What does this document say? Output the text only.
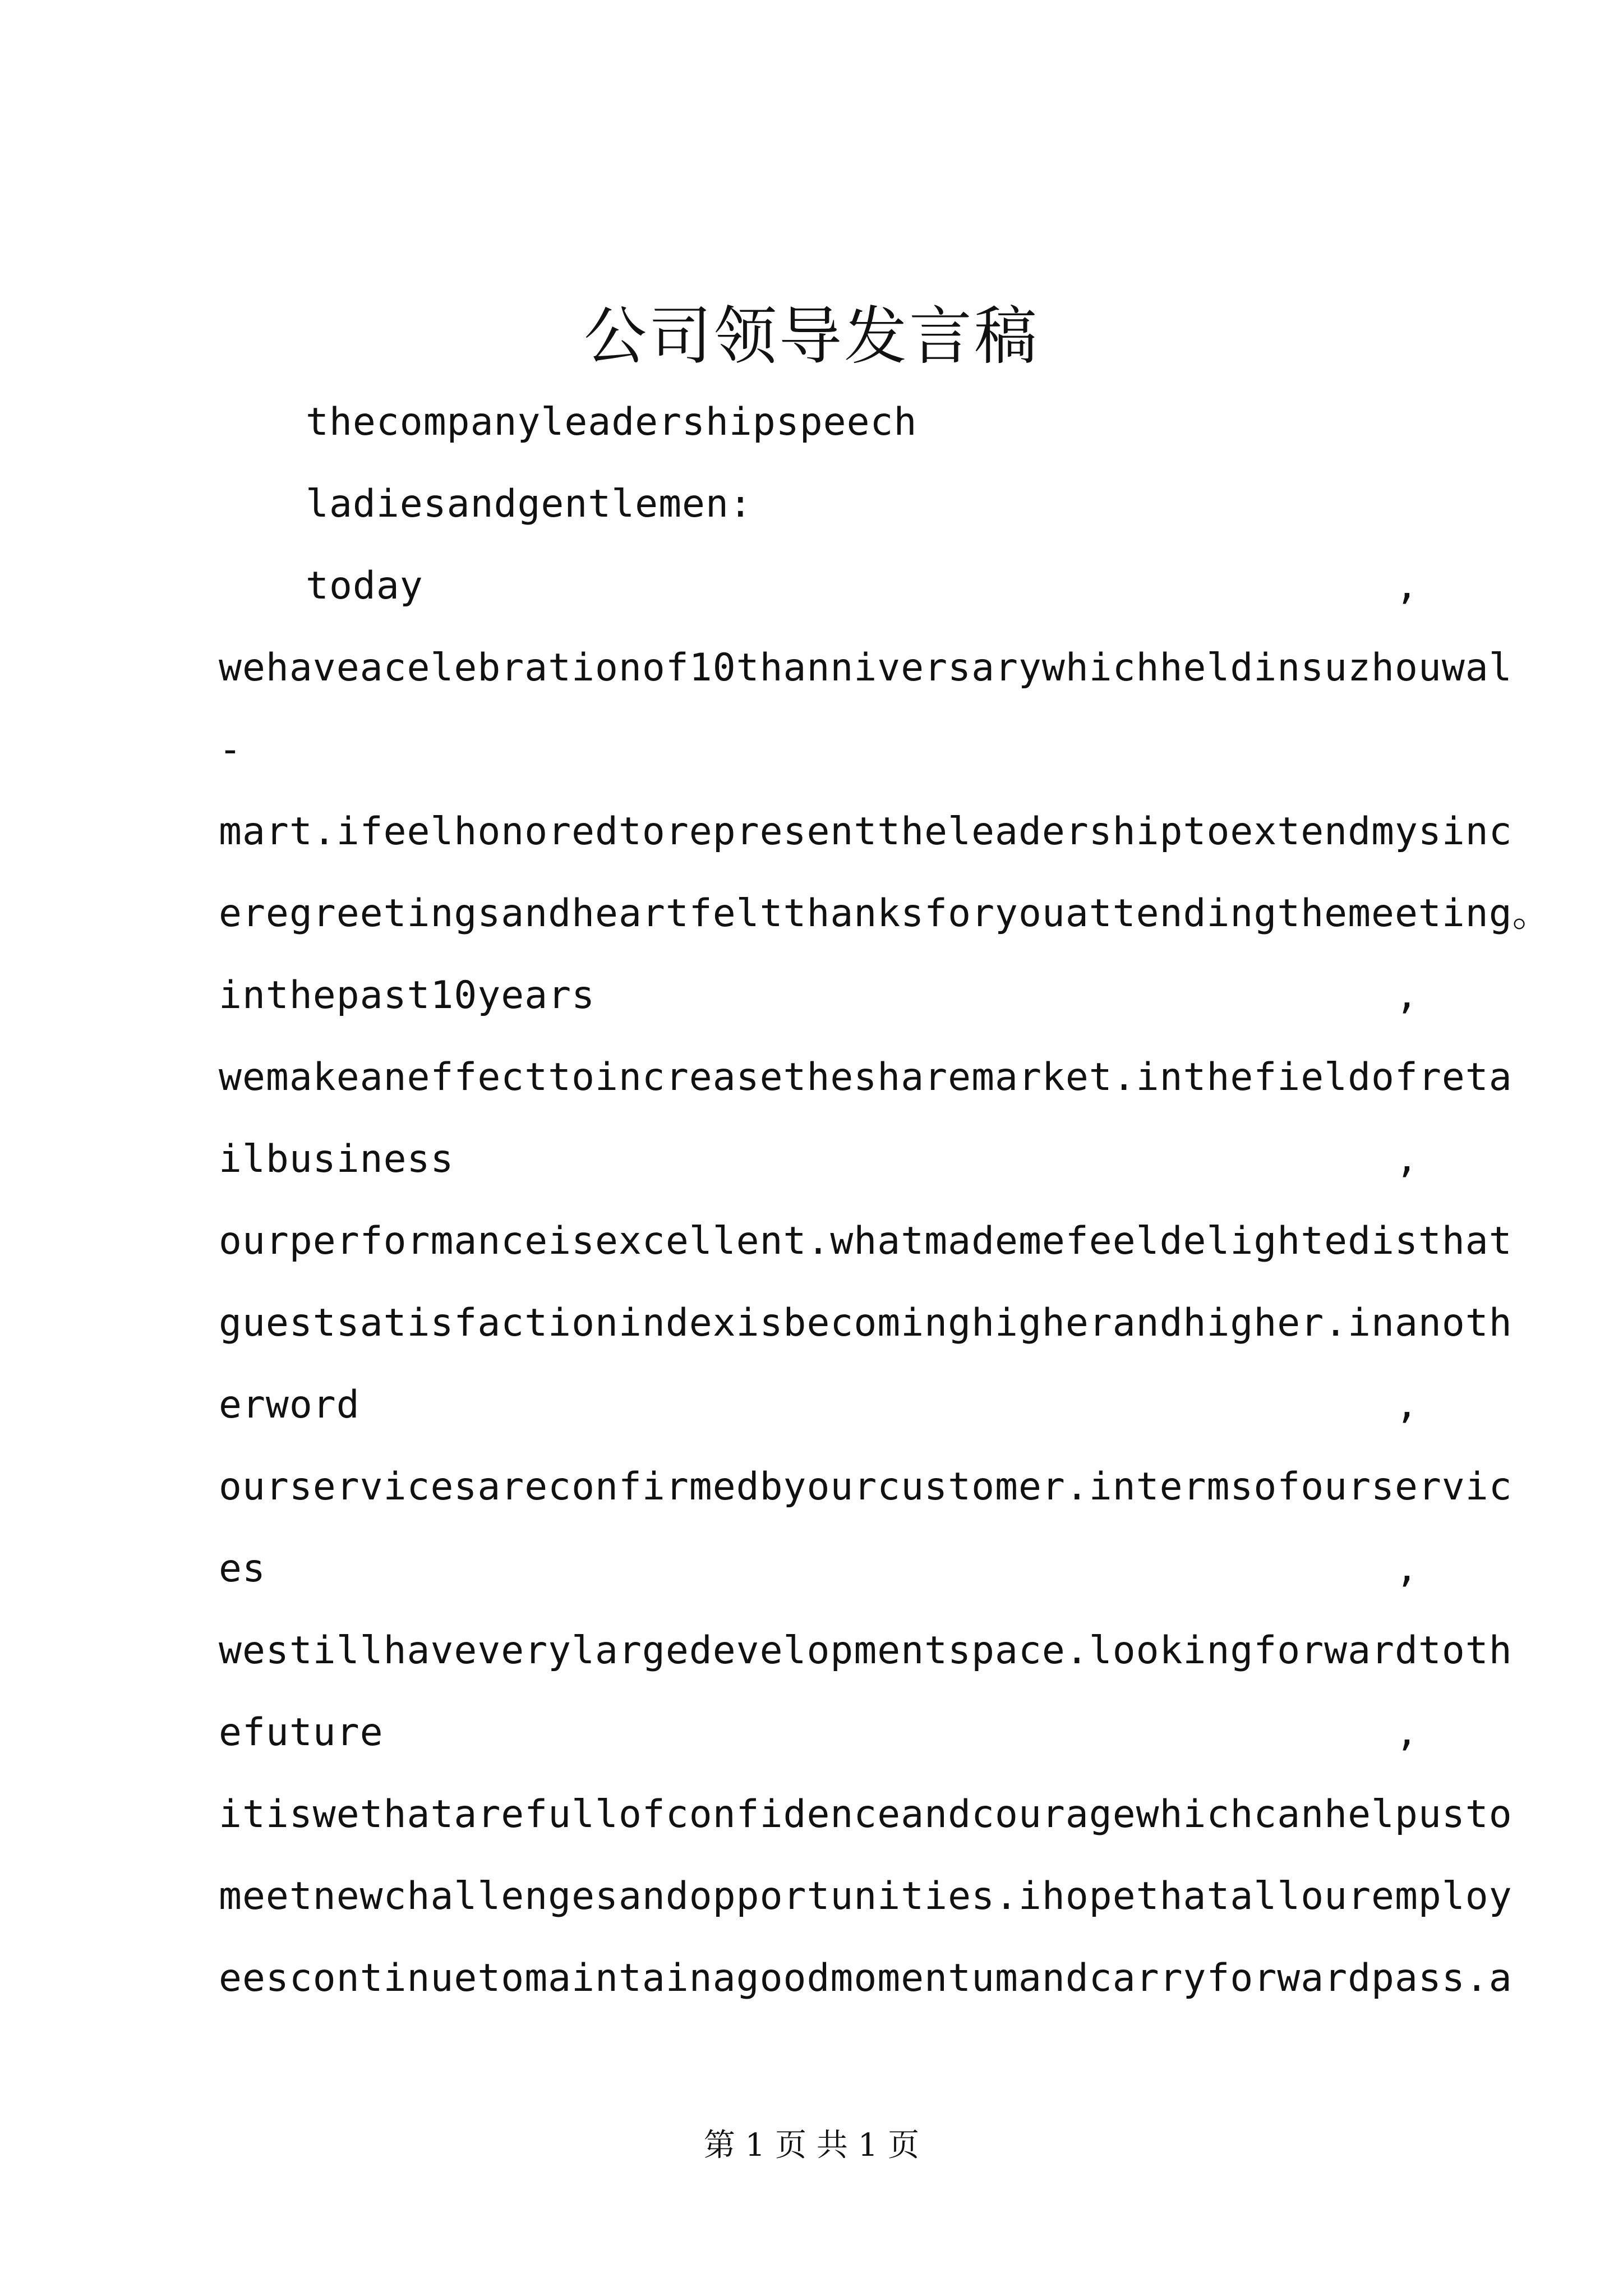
公司领导发言稿
thecompanyleadershipspeech
ladiesandgentlemen:
today	,
wehaveacelebrationof10thanniversarywhichheldinsuzhouwal
-
mart.ifeelhonoredtorepresenttheleadershiptoextendmysinc
eregreetingsandheartfeltthanksforyouattendingthemeeting。
inthepast10years	,
wemakeaneffecttoincreasethesharemarket.inthefieldofreta
ilbusiness	,
ourperformanceisexcellent.whatmademefeeldelightedisthat
guestsatisfactionindexisbecominghigherandhigher.inanoth
erword	,
ourservicesareconfirmedbyourcustomer.intermsofourservic
es	,
westillhaveverylargedevelopmentspace.lookingforwardtoth
efuture	,
itiswethatarefullofconfidenceandcouragewhichcanhelpusto
meetnewchallengesandopportunities.ihopethatallouremploy
eescontinuetomaintainagoodmomentumandcarryforwardpass.a
第 1 页 共 1 页
